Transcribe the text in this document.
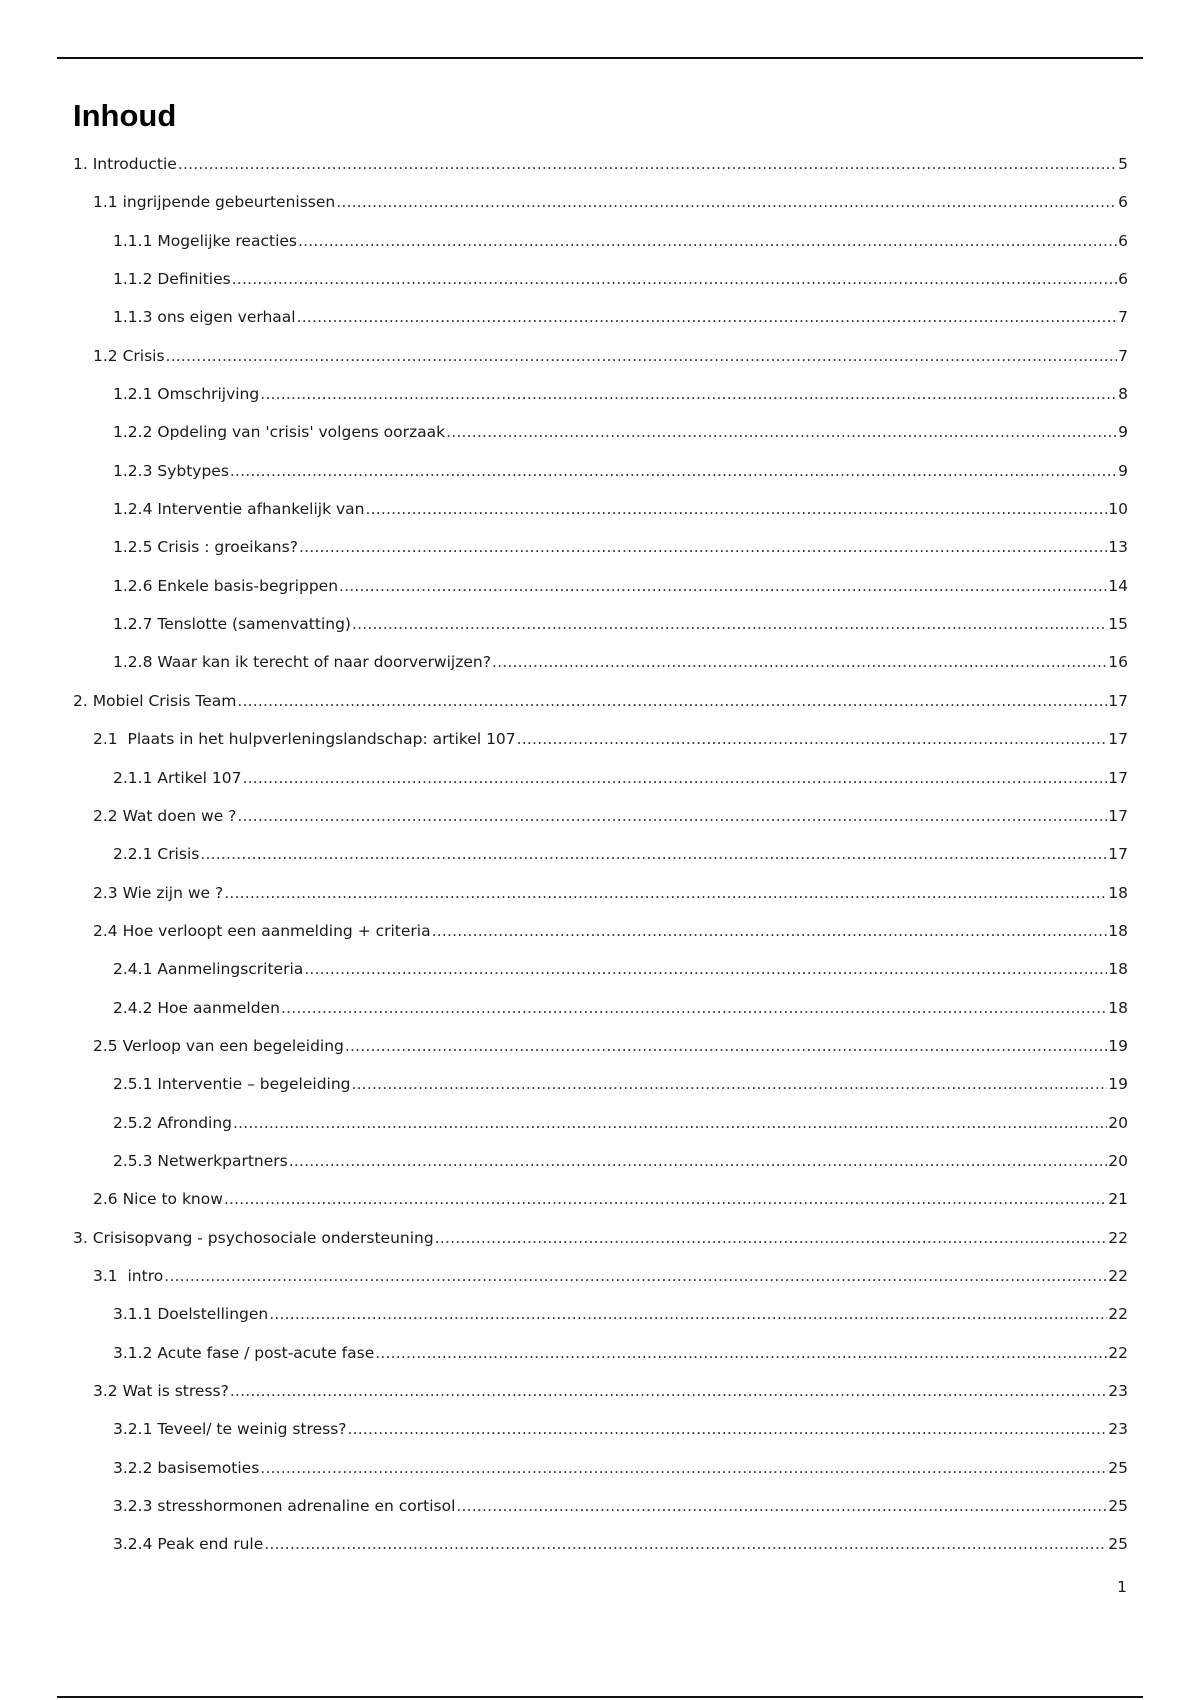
Inhoud
1. Introductie .....	5
1.1 ingrijpende gebeurtenissen .....	6
1.1.1 Mogelijke reacties .....	6
1.1.2 Definities .....	6
1.1.3 ons eigen verhaal .....	7
1.2 Crisis .....	7
1.2.1 Omschrijving .....	8
1.2.2 Opdeling van 'crisis' volgens oorzaak .....	9
1.2.3 Sybtypes .....	9
1.2.4 Interventie afhankelijk van .....	10
1.2.5 Crisis : groeikans? .....	13
1.2.6 Enkele basis-begrippen .....	14
1.2.7 Tenslotte (samenvatting) .....	15
1.2.8 Waar kan ik terecht of naar doorverwijzen? .....	16
2. Mobiel Crisis Team .....	17
2.1  Plaats in het hulpverleningslandschap: artikel 107 .....	17
2.1.1 Artikel 107 .....	17
2.2 Wat doen we ? .....	17
2.2.1 Crisis .....	17
2.3 Wie zijn we ? .....	18
2.4 Hoe verloopt een aanmelding + criteria .....	18
2.4.1 Aanmelingscriteria .....	18
2.4.2 Hoe aanmelden .....	18
2.5 Verloop van een begeleiding .....	19
2.5.1 Interventie – begeleiding .....	19
2.5.2 Afronding .....	20
2.5.3 Netwerkpartners .....	20
2.6 Nice to know .....	21
3. Crisisopvang - psychosociale ondersteuning .....	22
3.1  intro .....	22
3.1.1 Doelstellingen .....	22
3.1.2 Acute fase / post-acute fase .....	22
3.2 Wat is stress? .....	23
3.2.1 Teveel/ te weinig stress? .....	23
3.2.2 basisemoties .....	25
3.2.3 stresshormonen adrenaline en cortisol .....	25
3.2.4 Peak end rule .....	25
1
